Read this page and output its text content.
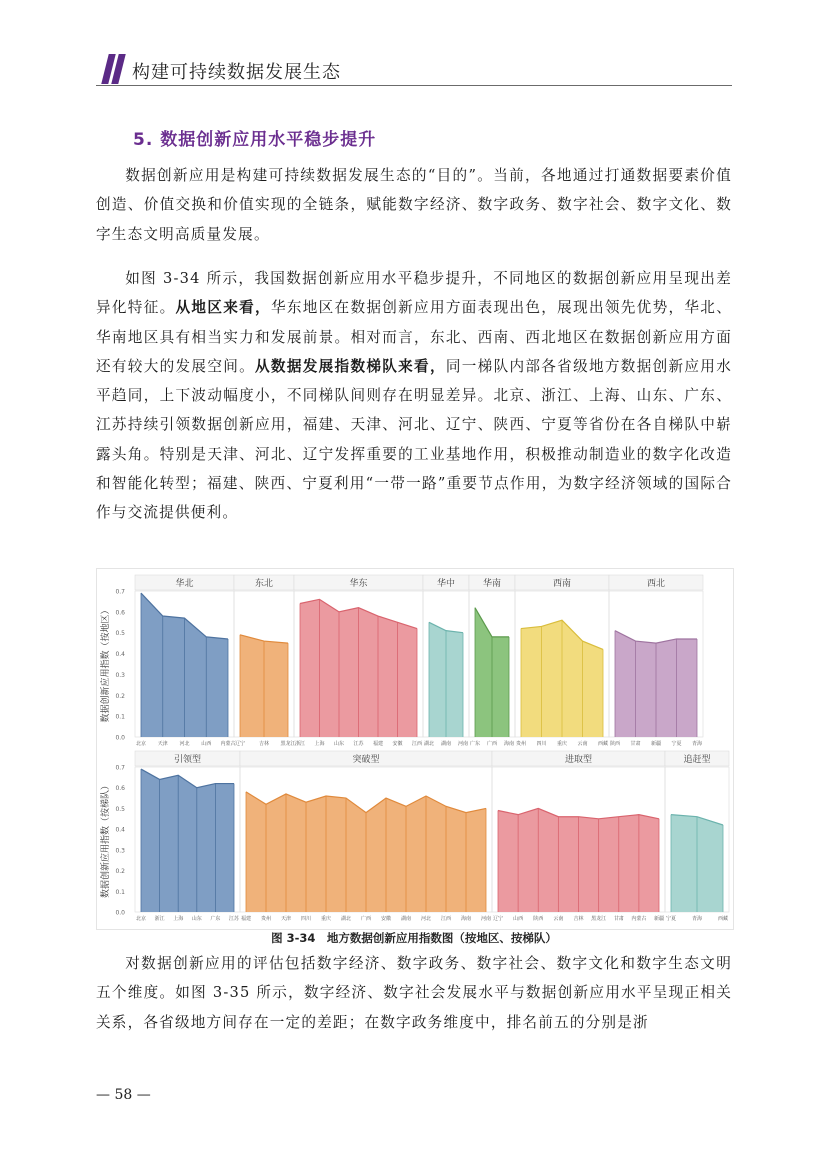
构建可持续数据发展生态
5. 数据创新应用水平稳步提升

数据创新应用是构建可持续数据发展生态的“目的”。当前，各地通过打通数据要素价值创造、价值交换和价值实现的全链条，赋能数字经济、数字政务、数字社会、数字文化、数字生态文明高质量发展。

如图 3-34 所示，我国数据创新应用水平稳步提升，不同地区的数据创新应用呈现出差异化特征。从地区来看，华东地区在数据创新应用方面表现出色，展现出领先优势，华北、华南地区具有相当实力和发展前景。相对而言，东北、西南、西北地区在数据创新应用方面还有较大的发展空间。从数据发展指数梯队来看，同一梯队内部各省级地方数据创新应用水平趋同，上下波动幅度小，不同梯队间则存在明显差异。北京、浙江、上海、山东、广东、江苏持续引领数据创新应用，福建、天津、河北、辽宁、陕西、宁夏等省份在各自梯队中崭露头角。特别是天津、河北、辽宁发挥重要的工业基地作用，积极推动制造业的数字化改造和智能化转型；福建、陕西、宁夏利用“一带一路”重要节点作用，为数字经济领域的国际合作与交流提供便利。

数据创新应用指数（按地区）
0.0
0.1
0.2
0.3
0.4
0.5
0.6
0.7
华北
北京 天津 河北 山西 内蒙古
东北
辽宁	吉林 黑龙江
华东
浙江 上海 山东 江苏 福建 安徽 江西
华中
湖北 湖南 河南
华南
广东 广西 海南
西南
贵州 四川 重庆 云南 西藏
西北
陕西 甘肃 新疆 宁夏 青海
数据创新应用指数（按梯队）
0.0
0.1
0.2
0.3
0.4
0.5
0.6
0.7
引领型
北京 浙江 上海 山东 广东 江苏
突破型
福建 贵州 天津 四川 重庆 湖北 广西 安徽 湖南 河北 江西 海南 河南
进取型
辽宁 山西 陕西 云南 吉林 黑龙江 甘肃 内蒙古 新疆
追赶型
宁夏	青海	西藏
图 3-34　地方数据创新应用指数图（按地区、按梯队）

对数据创新应用的评估包括数字经济、数字政务、数字社会、数字文化和数字生态文明五个维度。如图 3-35 所示，数字经济、数字社会发展水平与数据创新应用水平呈现正相关关系，各省级地方间存在一定的差距；在数字政务维度中，排名前五的分别是浙

— 58 —
